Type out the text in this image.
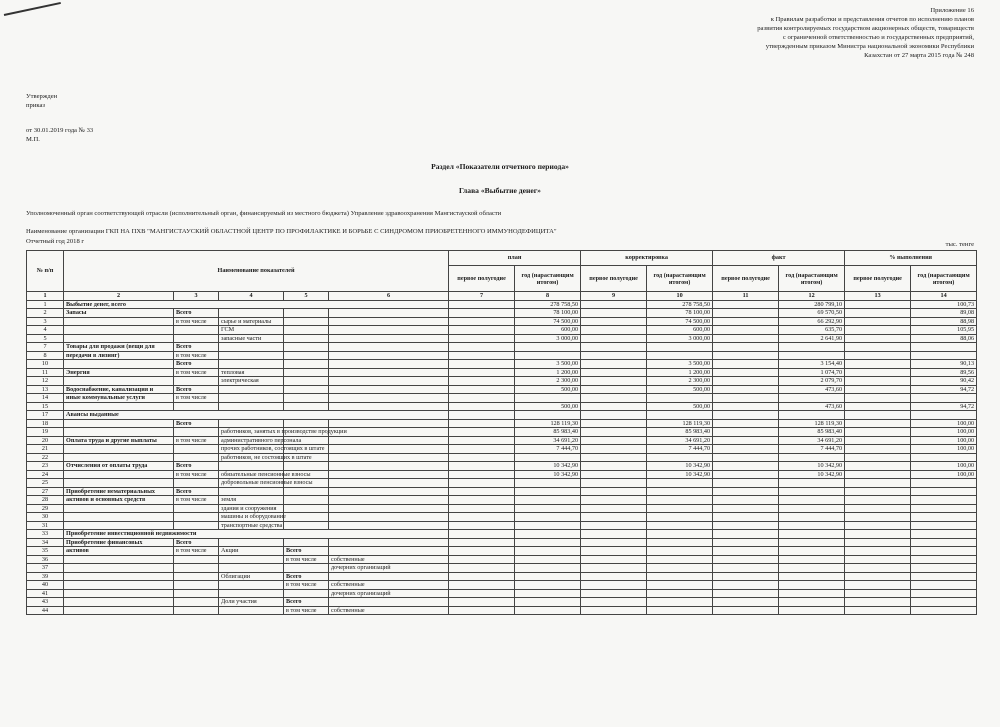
Приложение 16
к Правилам разработки и представления отчетов по исполнению планов
развития контролируемых государством акционерных обществ, товариществ
с ограниченной ответственностью и государственных предприятий,
утвержденным приказом Министра национальной экономики Республики
Казахстан от 27 марта 2015 года № 248
Утвержден
приказ
от 30.01.2019 года № 33
М.П.
Раздел «Показатели отчетного периода»
Глава «Выбытие денег»
Уполномоченный орган соответствующей отрасли (исполнительный орган, финансируемый из местного бюджета) Управление здравоохранения Мангистауской области
Наименование организации ГКП НА ПХВ "МАНГИСТАУСКИЙ ОБЛАСТНОЙ ЦЕНТР ПО ПРОФИЛАКТИКЕ И БОРЬБЕ С СИНДРОМОМ ПРИОБРЕТЕННОГО ИММУНОДЕФИЦИТА"
Отчетный год 2018 г	тыс. тенге
№ п/п	Наименование показателей					план		корректировка		факт		% выполнения	
						первое полугодие	год (нарастающим итогом)	первое полугодие	год (нарастающим итогом)	первое полугодие	год (нарастающим итогом)	первое полугодие	год (нарастающим итогом)
1	2	3	4	5	6	7	8	9	10	11	12	13	14
1	Выбытие денег, всего						278 758,50		278 758,50		280 799,10		100,73
2	Запасы	Всего					78 100,00		78 100,00		69 570,50		89,08
3		в том числе	сырье и материалы				74 500,00		74 500,00		66 292,90		88,98
4			ГСМ				600,00		600,00		635,70		105,95
5			запасные части				3 000,00		3 000,00		2 641,90		88,06
7	Товары для продажи (вещи для	Всего											
8	передачи в лизинг)	в том числе											
10		Всего					3 500,00		3 500,00		3 154,40		90,13
11	Энергия	в том числе	тепловая				1 200,00		1 200,00		1 074,70		89,56
12			электрическая				2 300,00		2 300,00		2 079,70		90,42
13	Водоснабжение, канализация и	Всего					500,00		500,00		473,60		94,72
14	иные коммунальные услуги	в том числе											
15							500,00		500,00		473,60		94,72
17	Авансы выданные												
18		Всего					128 119,30		128 119,30		128 119,30		100,00
19			работников, занятых в производстве продукции				85 983,40		85 983,40		85 983,40		100,00
20	Оплата труда и другие выплаты	в том числе	административного персонала				34 691,20		34 691,20		34 691,20		100,00
21			прочих работников, состоящих в штате				7 444,70		7 444,70		7 444,70		100,00
22			работников, не состоящих в штате										
23	Отчисления от оплаты труда	Всего					10 342,90		10 342,90		10 342,90		100,00
24		в том числе	обязательные пенсионные взносы				10 342,90		10 342,90		10 342,90		100,00
25			добровольные пенсионные взносы										
27	Приобретение нематериальных	Всего											
28	активов и основных средств	в том числе	земля										
29			здания и сооружения										
30			машины и оборудование										
31			транспортные средства										
33	Приобретение инвестиционной недвижимости												
34	Приобретение финансовых	Всего											
35	активов	в том числе	Акции	Всего									
36				в том числе	собственные								
37					дочерних организаций								
39			Облигации	Всего									
40				в том числе	собственные								
41					дочерних организаций								
43			Доли участия	Всего									
44				в том числе	собственные								
